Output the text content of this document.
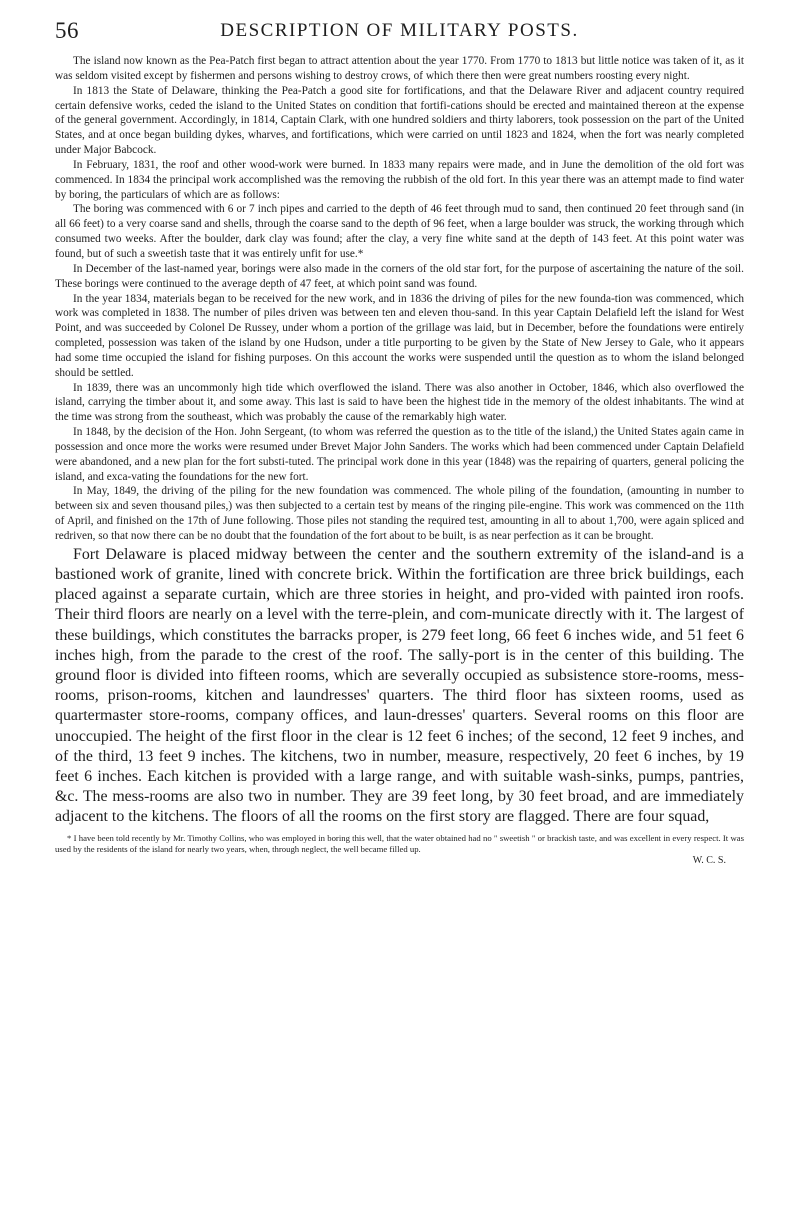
56	DESCRIPTION OF MILITARY POSTS.

The island now known as the Pea-Patch first began to attract attention about the year 1770. From 1770 to 1813 but little notice was taken of it, as it was seldom visited except by fishermen and persons wishing to destroy crows, of which there then were great numbers roosting every night.

In 1813 the State of Delaware, thinking the Pea-Patch a good site for fortifications, and that the Delaware River and adjacent country required certain defensive works, ceded the island to the United States on condition that fortifi-cations should be erected and maintained thereon at the expense of the general government. Accordingly, in 1814, Captain Clark, with one hundred soldiers and thirty laborers, took possession on the part of the United States, and at once began building dykes, wharves, and fortifications, which were carried on until 1823 and 1824, when the fort was nearly completed under Major Babcock.

In February, 1831, the roof and other wood-work were burned. In 1833 many repairs were made, and in June the demolition of the old fort was commenced. In 1834 the principal work accomplished was the removing the rubbish of the old fort. In this year there was an attempt made to find water by boring, the particulars of which are as follows:

The boring was commenced with 6 or 7 inch pipes and carried to the depth of 46 feet through mud to sand, then continued 20 feet through sand (in all 66 feet) to a very coarse sand and shells, through the coarse sand to the depth of 96 feet, when a large boulder was struck, the working through which consumed two weeks. After the boulder, dark clay was found; after the clay, a very fine white sand at the depth of 143 feet. At this point water was found, but of such a sweetish taste that it was entirely unfit for use.*

In December of the last-named year, borings were also made in the corners of the old star fort, for the purpose of ascertaining the nature of the soil. These borings were continued to the average depth of 47 feet, at which point sand was found.

In the year 1834, materials began to be received for the new work, and in 1836 the driving of piles for the new founda-tion was commenced, which work was completed in 1838. The number of piles driven was between ten and eleven thou-sand. In this year Captain Delafield left the island for West Point, and was succeeded by Colonel De Russey, under whom a portion of the grillage was laid, but in December, before the foundations were entirely completed, possession was taken of the island by one Hudson, under a title purporting to be given by the State of New Jersey to Gale, who it appears had some time occupied the island for fishing purposes. On this account the works were suspended until the question as to whom the island belonged should be settled.

In 1839, there was an uncommonly high tide which overflowed the island. There was also another in October, 1846, which also overflowed the island, carrying the timber about it, and some away. This last is said to have been the highest tide in the memory of the oldest inhabitants. The wind at the time was strong from the southeast, which was probably the cause of the remarkably high water.

In 1848, by the decision of the Hon. John Sergeant, (to whom was referred the question as to the title of the island,) the United States again came in possession and once more the works were resumed under Brevet Major John Sanders. The works which had been commenced under Captain Delafield were abandoned, and a new plan for the fort substi-tuted. The principal work done in this year (1848) was the repairing of quarters, general policing the island, and exca-vating the foundations for the new fort.

In May, 1849, the driving of the piling for the new foundation was commenced. The whole piling of the foundation, (amounting in number to between six and seven thousand piles,) was then subjected to a certain test by means of the ringing pile-engine. This work was commenced on the 11th of April, and finished on the 17th of June following. Those piles not standing the required test, amounting in all to about 1,700, were again spliced and redriven, so that now there can be no doubt that the foundation of the fort about to be built, is as near perfection as it can be brought.

Fort Delaware is placed midway between the center and the southern extremity of the island-and is a bastioned work of granite, lined with concrete brick. Within the fortification are three brick buildings, each placed against a separate curtain, which are three stories in height, and pro-vided with painted iron roofs. Their third floors are nearly on a level with the terre-plein, and com-municate directly with it. The largest of these buildings, which constitutes the barracks proper, is 279 feet long, 66 feet 6 inches wide, and 51 feet 6 inches high, from the parade to the crest of the roof. The sally-port is in the center of this building. The ground floor is divided into fifteen rooms, which are severally occupied as subsistence store-rooms, mess-rooms, prison-rooms, kitchen and laundresses' quarters. The third floor has sixteen rooms, used as quartermaster store-rooms, company offices, and laun-dresses' quarters. Several rooms on this floor are unoccupied. The height of the first floor in the clear is 12 feet 6 inches; of the second, 12 feet 9 inches, and of the third, 13 feet 9 inches. The kitchens, two in number, measure, respectively, 20 feet 6 inches, by 19 feet 6 inches. Each kitchen is provided with a large range, and with suitable wash-sinks, pumps, pantries, &c. The mess-rooms are also two in number. They are 39 feet long, by 30 feet broad, and are immediately adjacent to the kitchens. The floors of all the rooms on the first story are flagged. There are four squad,

* I have been told recently by Mr. Timothy Collins, who was employed in boring this well, that the water obtained had no " sweetish " or brackish taste, and was excellent in every respect. It was used by the residents of the island for nearly two years, when, through neglect, the well became filled up.

W. C. S.
